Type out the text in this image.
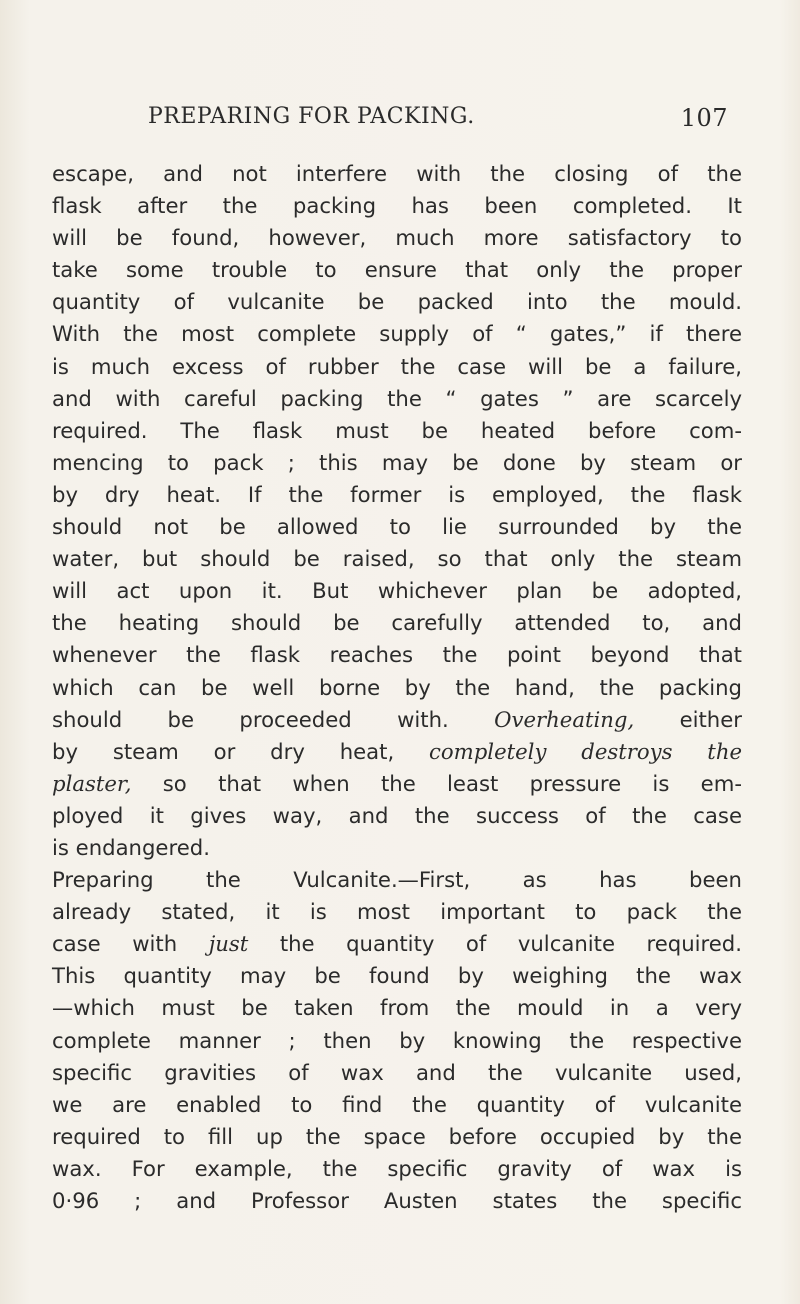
PREPARING FOR PACKING.	107
escape, and not interfere with the closing of the
flask after the packing has been completed. It
will be found, however, much more satisfactory to
take some trouble to ensure that only the proper
quantity of vulcanite be packed into the mould.
With the most complete supply of “ gates,” if there
is much excess of rubber the case will be a failure,
and with careful packing the “ gates ” are scarcely
required. The flask must be heated before com-
mencing to pack ; this may be done by steam or
by dry heat. If the former is employed, the flask
should not be allowed to lie surrounded by the
water, but should be raised, so that only the steam
will act upon it. But whichever plan be adopted,
the heating should be carefully attended to, and
whenever the flask reaches the point beyond that
which can be well borne by the hand, the packing
should be proceeded with. Overheating, either
by steam or dry heat, completely destroys the
plaster, so that when the least pressure is em-
ployed it gives way, and the success of the case
is endangered.
Preparing the Vulcanite.—First, as has been
already stated, it is most important to pack the
case with just the quantity of vulcanite required.
This quantity may be found by weighing the wax
—which must be taken from the mould in a very
complete manner ; then by knowing the respective
specific gravities of wax and the vulcanite used,
we are enabled to find the quantity of vulcanite
required to fill up the space before occupied by the
wax. For example, the specific gravity of wax is
0·96 ; and Professor Austen states the specific
